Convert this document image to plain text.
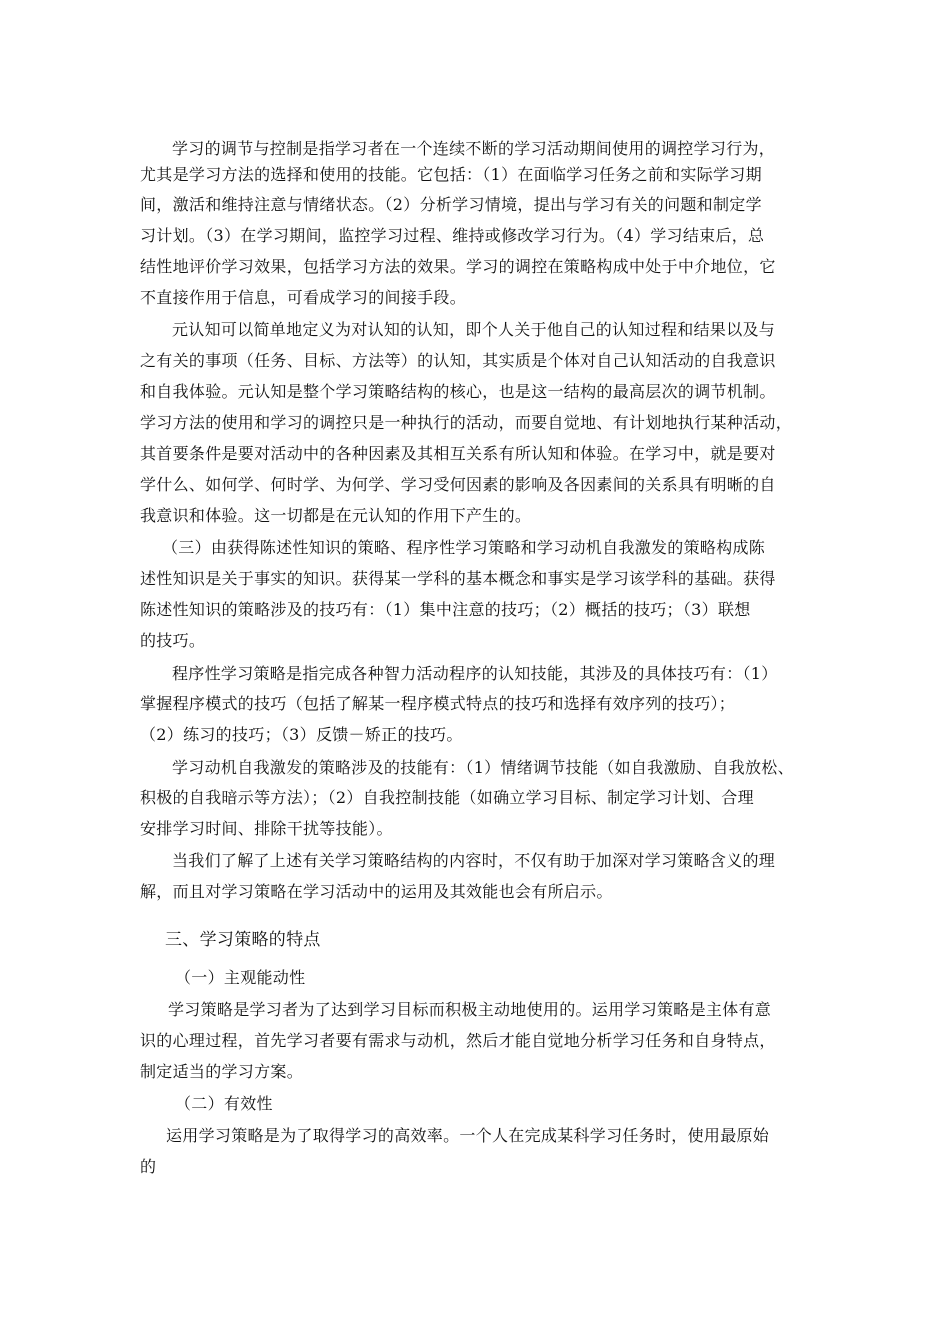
学习的调节与控制是指学习者在一个连续不断的学习活动期间使用的调控学习行为，
尤其是学习方法的选择和使用的技能。它包括：（1）在面临学习任务之前和实际学习期
间，激活和维持注意与情绪状态。（2）分析学习情境，提出与学习有关的问题和制定学
习计划。（3）在学习期间，监控学习过程、维持或修改学习行为。（4）学习结束后，总
结性地评价学习效果，包括学习方法的效果。学习的调控在策略构成中处于中介地位，它
不直接作用于信息，可看成学习的间接手段。
元认知可以简单地定义为对认知的认知，即个人关于他自己的认知过程和结果以及与
之有关的事项（任务、目标、方法等）的认知，其实质是个体对自己认知活动的自我意识
和自我体验。元认知是整个学习策略结构的核心，也是这一结构的最高层次的调节机制。
学习方法的使用和学习的调控只是一种执行的活动，而要自觉地、有计划地执行某种活动，
其首要条件是要对活动中的各种因素及其相互关系有所认知和体验。在学习中，就是要对
学什么、如何学、何时学、为何学、学习受何因素的影响及各因素间的关系具有明晰的自
我意识和体验。这一切都是在元认知的作用下产生的。
（三）由获得陈述性知识的策略、程序性学习策略和学习动机自我激发的策略构成陈
述性知识是关于事实的知识。获得某一学科的基本概念和事实是学习该学科的基础。获得
陈述性知识的策略涉及的技巧有：（1）集中注意的技巧；（2）概括的技巧；（3）联想
的技巧。
程序性学习策略是指完成各种智力活动程序的认知技能，其涉及的具体技巧有：（1）
掌握程序模式的技巧（包括了解某一程序模式特点的技巧和选择有效序列的技巧）；
（2）练习的技巧；（3）反馈－矫正的技巧。
学习动机自我激发的策略涉及的技能有：（1）情绪调节技能（如自我激励、自我放松、
积极的自我暗示等方法）；（2）自我控制技能（如确立学习目标、制定学习计划、合理
安排学习时间、排除干扰等技能）。
当我们了解了上述有关学习策略结构的内容时，不仅有助于加深对学习策略含义的理
解，而且对学习策略在学习活动中的运用及其效能也会有所启示。
三、学习策略的特点
（一）主观能动性
学习策略是学习者为了达到学习目标而积极主动地使用的。运用学习策略是主体有意
识的心理过程，首先学习者要有需求与动机，然后才能自觉地分析学习任务和自身特点，
制定适当的学习方案。
（二）有效性
运用学习策略是为了取得学习的高效率。一个人在完成某科学习任务时，使用最原始
的
